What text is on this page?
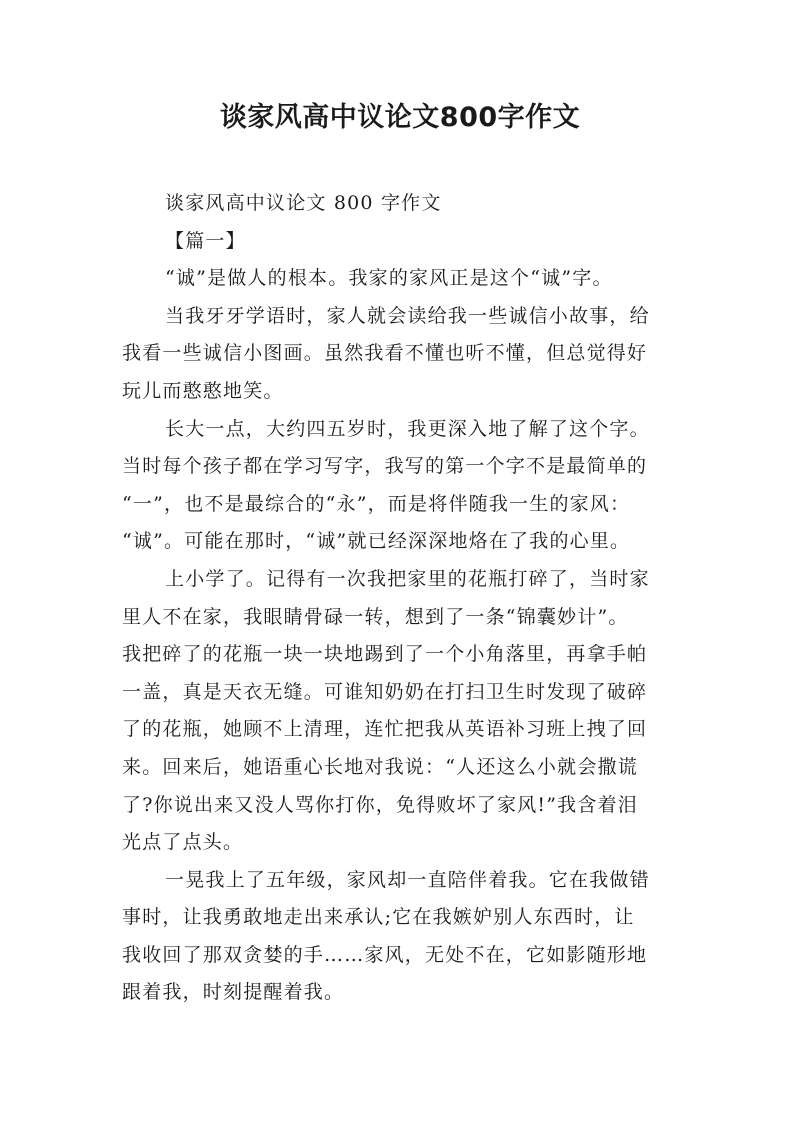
谈家风高中议论文800字作文
谈家风高中议论文 800 字作文
【篇一】
“诚”是做人的根本。我家的家风正是这个“诚”字。
当我牙牙学语时，家人就会读给我一些诚信小故事，给
我看一些诚信小图画。虽然我看不懂也听不懂，但总觉得好
玩儿而憨憨地笑。
长大一点，大约四五岁时，我更深入地了解了这个字。
当时每个孩子都在学习写字，我写的第一个字不是最简单的
“一”，也不是最综合的“永”，而是将伴随我一生的家风：
“诚”。可能在那时，“诚”就已经深深地烙在了我的心里。
上小学了。记得有一次我把家里的花瓶打碎了，当时家
里人不在家，我眼睛骨碌一转，想到了一条“锦囊妙计”。
我把碎了的花瓶一块一块地踢到了一个小角落里，再拿手帕
一盖，真是天衣无缝。可谁知奶奶在打扫卫生时发现了破碎
了的花瓶，她顾不上清理，连忙把我从英语补习班上拽了回
来。回来后，她语重心长地对我说：“人还这么小就会撒谎
了?你说出来又没人骂你打你，免得败坏了家风!”我含着泪
光点了点头。
一晃我上了五年级，家风却一直陪伴着我。它在我做错
事时，让我勇敢地走出来承认;它在我嫉妒别人东西时，让
我收回了那双贪婪的手……家风，无处不在，它如影随形地
跟着我，时刻提醒着我。
